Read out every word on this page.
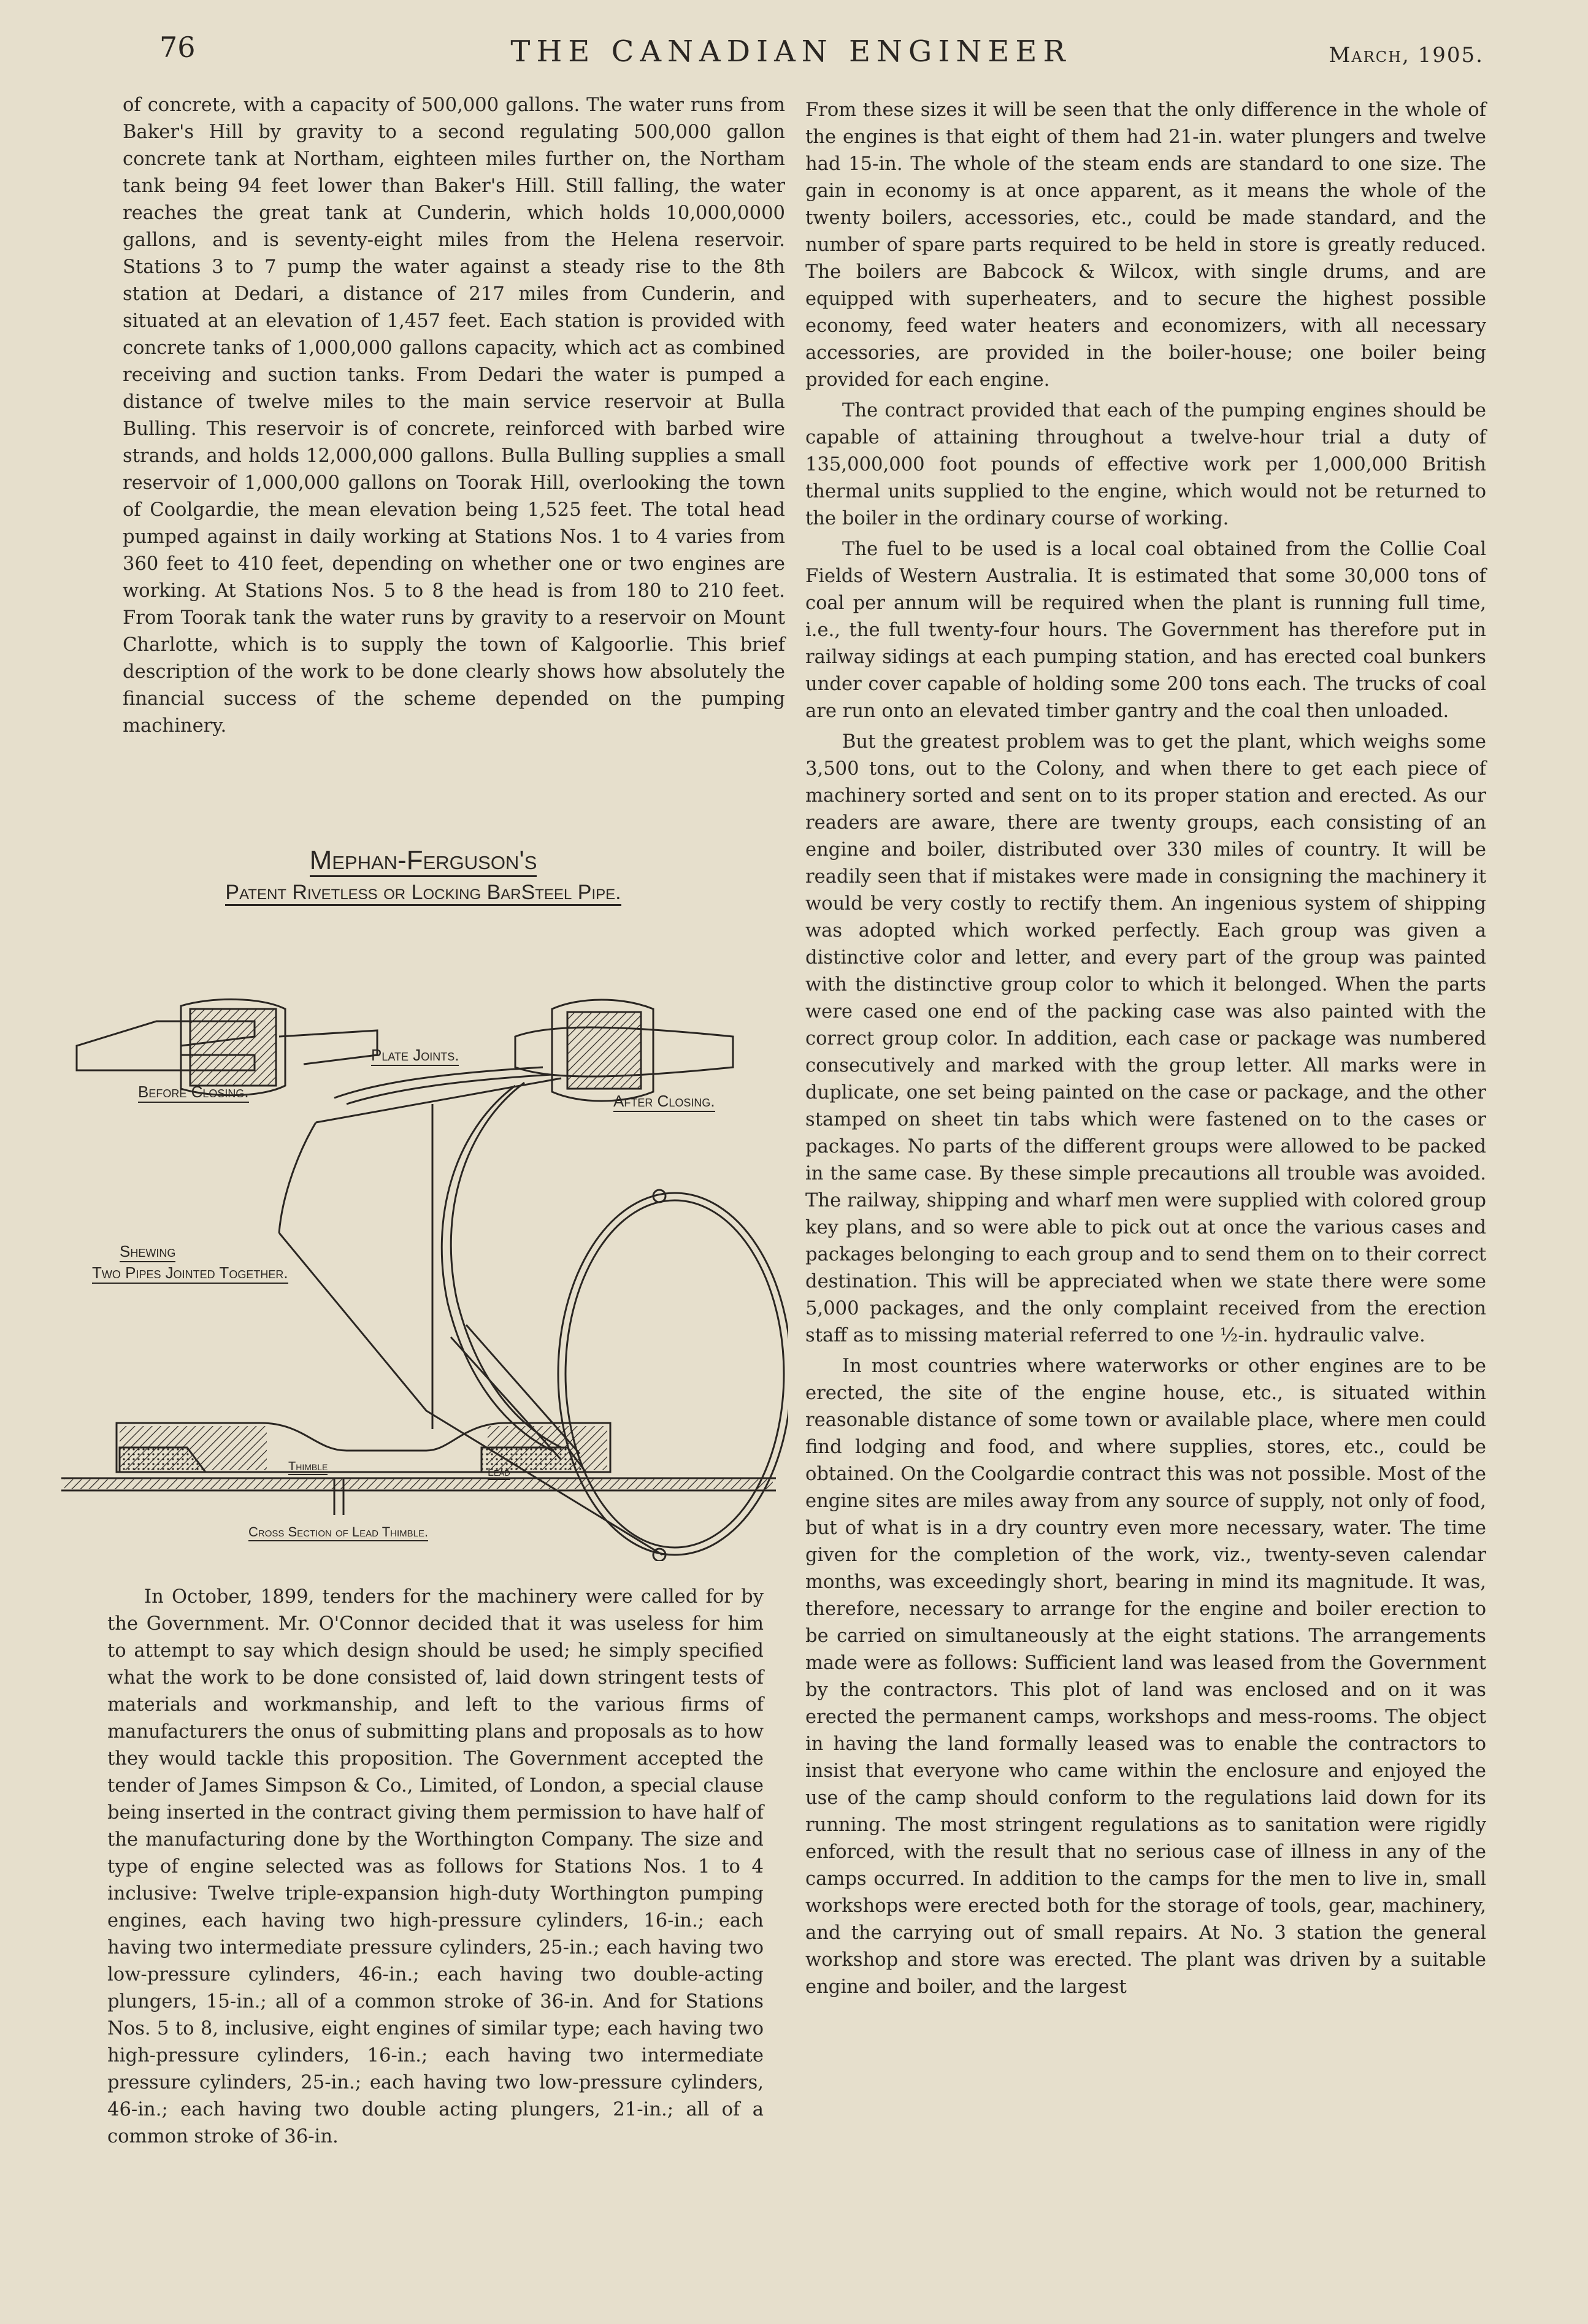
76	THE CANADIAN ENGINEER	March, 1905.

of concrete, with a capacity of 500,000 gallons. The water runs from Baker's Hill by gravity to a second regulating 500,000 gallon concrete tank at Northam, eighteen miles further on, the Northam tank being 94 feet lower than Baker's Hill. Still falling, the water reaches the great tank at Cunderin, which holds 10,000,0000 gallons, and is seventy-eight miles from the Helena reservoir. Stations 3 to 7 pump the water against a steady rise to the 8th station at Dedari, a distance of 217 miles from Cunderin, and situated at an elevation of 1,457 feet. Each station is provided with concrete tanks of 1,000,000 gallons capacity, which act as combined receiving and suction tanks. From Dedari the water is pumped a distance of twelve miles to the main service reservoir at Bulla Bulling. This reservoir is of concrete, reinforced with barbed wire strands, and holds 12,000,000 gallons. Bulla Bulling supplies a small reservoir of 1,000,000 gallons on Toorak Hill, overlooking the town of Coolgardie, the mean elevation being 1,525 feet. The total head pumped against in daily working at Stations Nos. 1 to 4 varies from 360 feet to 410 feet, depending on whether one or two engines are working. At Stations Nos. 5 to 8 the head is from 180 to 210 feet. From Toorak tank the water runs by gravity to a reservoir on Mount Charlotte, which is to supply the town of Kalgoorlie. This brief description of the work to be done clearly shows how absolutely the financial success of the scheme depended on the pumping machinery.

Mephan-Ferguson's
Patent Rivetless or Locking BarSteel Pipe.
Plate Joints.
Before Closing.	After Closing.
Shewing
Two Pipes Jointed Together.
Thimble	Lead
Cross Section of Lead Thimble.

In October, 1899, tenders for the machinery were called for by the Government. Mr. O'Connor decided that it was useless for him to attempt to say which design should be used; he simply specified what the work to be done consisted of, laid down stringent tests of materials and workmanship, and left to the various firms of manufacturers the onus of submitting plans and proposals as to how they would tackle this proposition. The Government accepted the tender of James Simpson & Co., Limited, of London, a special clause being inserted in the contract giving them permission to have half of the manufacturing done by the Worthington Company. The size and type of engine selected was as follows for Stations Nos. 1 to 4 inclusive: Twelve triple-expansion high-duty Worthington pumping engines, each having two high-pressure cylinders, 16-in.; each having two intermediate pressure cylinders, 25-in.; each having two low-pressure cylinders, 46-in.; each having two double-acting plungers, 15-in.; all of a common stroke of 36-in. And for Stations Nos. 5 to 8, inclusive, eight engines of similar type; each having two high-pressure cylinders, 16-in.; each having two intermediate pressure cylinders, 25-in.; each having two low-pressure cylinders, 46-in.; each having two double acting plungers, 21-in.; all of a common stroke of 36-in.

From these sizes it will be seen that the only difference in the whole of the engines is that eight of them had 21-in. water plungers and twelve had 15-in. The whole of the steam ends are standard to one size. The gain in economy is at once apparent, as it means the whole of the twenty boilers, accessories, etc., could be made standard, and the number of spare parts required to be held in store is greatly reduced. The boilers are Babcock & Wilcox, with single drums, and are equipped with superheaters, and to secure the highest possible economy, feed water heaters and economizers, with all necessary accessories, are provided in the boiler-house; one boiler being provided for each engine.

The contract provided that each of the pumping engines should be capable of attaining throughout a twelve-hour trial a duty of 135,000,000 foot pounds of effective work per 1,000,000 British thermal units supplied to the engine, which would not be returned to the boiler in the ordinary course of working.

The fuel to be used is a local coal obtained from the Collie Coal Fields of Western Australia. It is estimated that some 30,000 tons of coal per annum will be required when the plant is running full time, i.e., the full twenty-four hours. The Government has therefore put in railway sidings at each pumping station, and has erected coal bunkers under cover capable of holding some 200 tons each. The trucks of coal are run onto an elevated timber gantry and the coal then unloaded.

But the greatest problem was to get the plant, which weighs some 3,500 tons, out to the Colony, and when there to get each piece of machinery sorted and sent on to its proper station and erected. As our readers are aware, there are twenty groups, each consisting of an engine and boiler, distributed over 330 miles of country. It will be readily seen that if mistakes were made in consigning the machinery it would be very costly to rectify them. An ingenious system of shipping was adopted which worked perfectly. Each group was given a distinctive color and letter, and every part of the group was painted with the distinctive group color to which it belonged. When the parts were cased one end of the packing case was also painted with the correct group color. In addition, each case or package was numbered consecutively and marked with the group letter. All marks were in duplicate, one set being painted on the case or package, and the other stamped on sheet tin tabs which were fastened on to the cases or packages. No parts of the different groups were allowed to be packed in the same case. By these simple precautions all trouble was avoided. The railway, shipping and wharf men were supplied with colored group key plans, and so were able to pick out at once the various cases and packages belonging to each group and to send them on to their correct destination. This will be appreciated when we state there were some 5,000 packages, and the only complaint received from the erection staff as to missing material referred to one ½-in. hydraulic valve.

In most countries where waterworks or other engines are to be erected, the site of the engine house, etc., is situated within reasonable distance of some town or available place, where men could find lodging and food, and where supplies, stores, etc., could be obtained. On the Coolgardie contract this was not possible. Most of the engine sites are miles away from any source of supply, not only of food, but of what is in a dry country even more necessary, water. The time given for the completion of the work, viz., twenty-seven calendar months, was exceedingly short, bearing in mind its magnitude. It was, therefore, necessary to arrange for the engine and boiler erection to be carried on simultaneously at the eight stations. The arrangements made were as follows: Sufficient land was leased from the Government by the contractors. This plot of land was enclosed and on it was erected the permanent camps, workshops and mess-rooms. The object in having the land formally leased was to enable the contractors to insist that everyone who came within the enclosure and enjoyed the use of the camp should conform to the regulations laid down for its running. The most stringent regulations as to sanitation were rigidly enforced, with the result that no serious case of illness in any of the camps occurred. In addition to the camps for the men to live in, small workshops were erected both for the storage of tools, gear, machinery, and the carrying out of small repairs. At No. 3 station the general workshop and store was erected. The plant was driven by a suitable engine and boiler, and the largest
